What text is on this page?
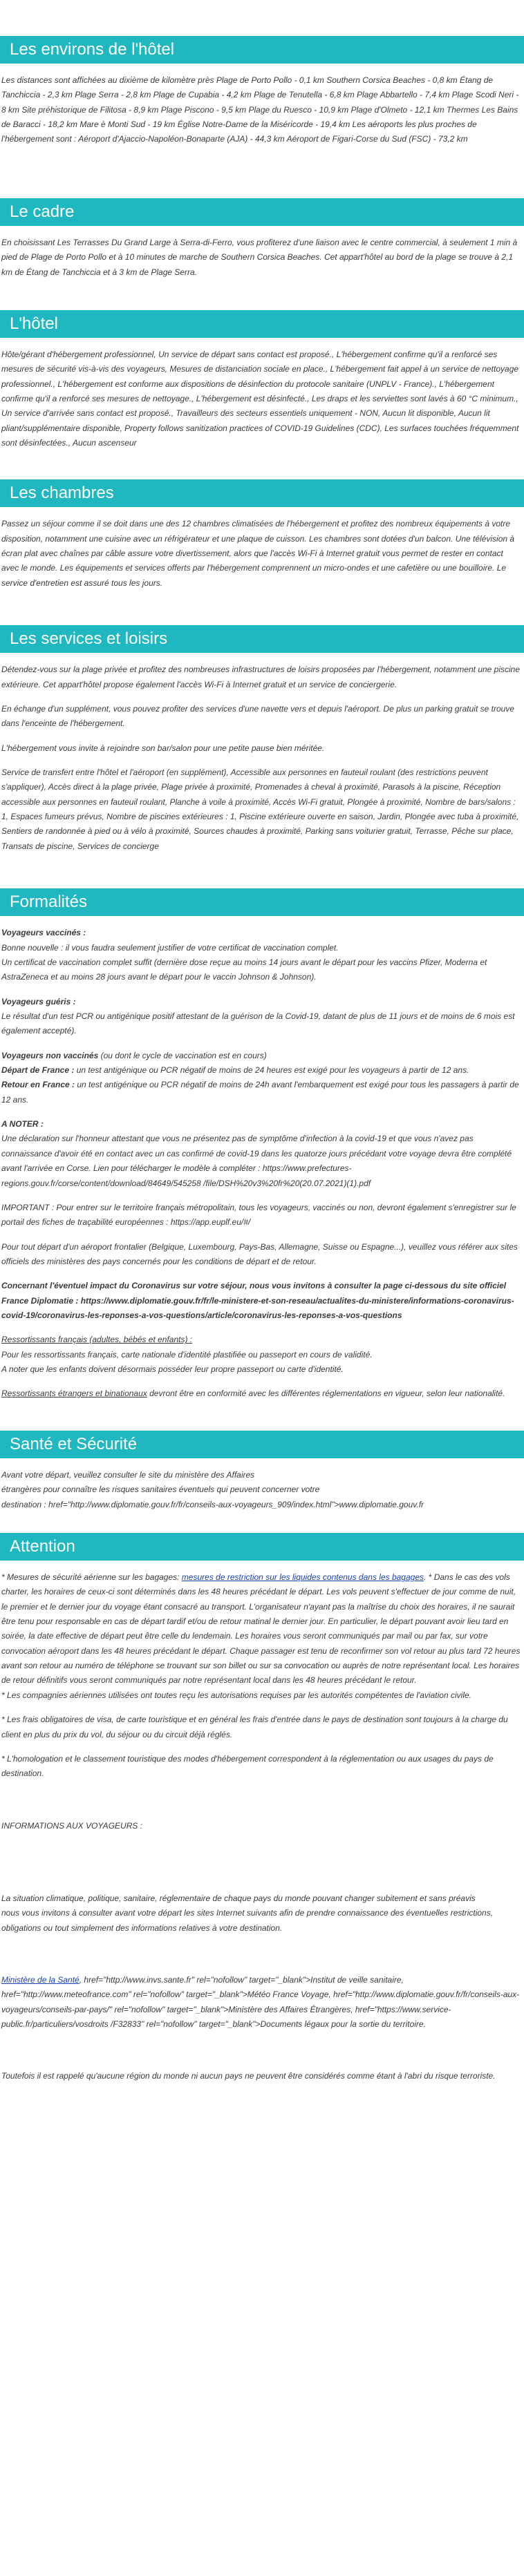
Les environs de l'hôtel

Les distances sont affichées au dixième de kilomètre près Plage de Porto Pollo - 0,1 km Southern Corsica Beaches - 0,8 km Étang de Tanchiccia - 2,3 km Plage Serra - 2,8 km Plage de Cupabia - 4,2 km Plage de Tenutella - 6,8 km Plage Abbartello - 7,4 km Plage Scodi Neri - 8 km Site préhistorique de Filitosa - 8,9 km Plage Piscono - 9,5 km Plage du Ruesco - 10,9 km Plage d'Olmeto - 12,1 km Thermes Les Bains de Baracci - 18,2 km Mare è Monti Sud - 19 km Église Notre-Dame de la Miséricorde - 19,4 km Les aéroports les plus proches de l'hébergement sont : Aéroport d'Ajaccio-Napoléon-Bonaparte (AJA) - 44,3 km Aéroport de Figari-Corse du Sud (FSC) - 73,2 km

Le cadre

En choisissant Les Terrasses Du Grand Large à Serra-di-Ferro, vous profiterez d'une liaison avec le centre commercial, à seulement 1 min à pied de Plage de Porto Pollo et à 10 minutes de marche de Southern Corsica Beaches. Cet appart'hôtel au bord de la plage se trouve à 2,1 km de Étang de Tanchiccia et à 3 km de Plage Serra.

L'hôtel

Hôte/gérant d'hébergement professionnel, Un service de départ sans contact est proposé., L'hébergement confirme qu'il a renforcé ses mesures de sécurité vis-à-vis des voyageurs, Mesures de distanciation sociale en place., L'hébergement fait appel à un service de nettoyage professionnel., L'hébergement est conforme aux dispositions de désinfection du protocole sanitaire (UNPLV - France)., L'hébergement confirme qu'il a renforcé ses mesures de nettoyage., L'hébergement est désinfecté., Les draps et les serviettes sont lavés à 60 °C minimum., Un service d'arrivée sans contact est proposé., Travailleurs des secteurs essentiels uniquement - NON, Aucun lit disponible, Aucun lit pliant/supplémentaire disponible, Property follows sanitization practices of COVID-19 Guidelines (CDC), Les surfaces touchées fréquemment sont désinfectées., Aucun ascenseur

Les chambres

Passez un séjour comme il se doit dans une des 12 chambres climatisées de l'hébergement et profitez des nombreux équipements à votre disposition, notamment une cuisine avec un réfrigérateur et une plaque de cuisson. Les chambres sont dotées d'un balcon. Une télévision à écran plat avec chaînes par câble assure votre divertissement, alors que l'accès Wi-Fi à Internet gratuit vous permet de rester en contact avec le monde. Les équipements et services offerts par l'hébergement comprennent un micro-ondes et une cafetière ou une bouilloire. Le service d'entretien est assuré tous les jours.

Les services et loisirs

Détendez-vous sur la plage privée et profitez des nombreuses infrastructures de loisirs proposées par l'hébergement, notamment une piscine extérieure. Cet appart'hôtel propose également l'accès Wi-Fi à Internet gratuit et un service de conciergerie.

En échange d'un supplément, vous pouvez profiter des services d'une navette vers et depuis l'aéroport. De plus un parking gratuit se trouve dans l'enceinte de l'hébergement.

L'hébergement vous invite à rejoindre son bar/salon pour une petite pause bien méritée.

Service de transfert entre l'hôtel et l'aéroport (en supplément), Accessible aux personnes en fauteuil roulant (des restrictions peuvent s'appliquer), Accès direct à la plage privée, Plage privée à proximité, Promenades à cheval à proximité, Parasols à la piscine, Réception accessible aux personnes en fauteuil roulant, Planche à voile à proximité, Accès Wi-Fi gratuit, Plongée à proximité, Nombre de bars/salons : 1, Espaces fumeurs prévus, Nombre de piscines extérieures : 1, Piscine extérieure ouverte en saison, Jardin, Plongée avec tuba à proximité, Sentiers de randonnée à pied ou à vélo à proximité, Sources chaudes à proximité, Parking sans voiturier gratuit, Terrasse, Pêche sur place, Transats de piscine, Services de concierge

Formalités

Voyageurs vaccinés :
Bonne nouvelle : il vous faudra seulement justifier de votre certificat de vaccination complet.
Un certificat de vaccination complet suffit (dernière dose reçue au moins 14 jours avant le départ pour les vaccins Pfizer, Moderna et AstraZeneca et au moins 28 jours avant le départ pour le vaccin Johnson & Johnson).

Voyageurs guéris :
Le résultat d'un test PCR ou antigénique positif attestant de la guérison de la Covid-19, datant de plus de 11 jours et de moins de 6 mois est également accepté).

Voyageurs non vaccinés (ou dont le cycle de vaccination est en cours)
Départ de France : un test antigénique ou PCR négatif de moins de 24 heures est exigé pour les voyageurs à partir de 12 ans.
Retour en France : un test antigénique ou PCR négatif de moins de 24h avant l'embarquement est exigé pour tous les passagers à partir de 12 ans.

A NOTER :
Une déclaration sur l'honneur attestant que vous ne présentez pas de symptôme d'infection à la covid-19 et que vous n'avez pas connaissance d'avoir été en contact avec un cas confirmé de covid-19 dans les quatorze jours précédant votre voyage devra être complété avant l'arrivée en Corse. Lien pour télécharger le modèle à compléter : https://www.prefectures-regions.gouv.fr/corse/content/download/84649/545258 /file/DSH%20v3%20fr%20(20.07.2021)(1).pdf

IMPORTANT : Pour entrer sur le territoire français métropolitain, tous les voyageurs, vaccinés ou non, devront également s'enregistrer sur le portail des fiches de traçabilité européennes : https://app.euplf.eu/#/

Pour tout départ d'un aéroport frontalier (Belgique, Luxembourg, Pays-Bas, Allemagne, Suisse ou Espagne...), veuillez vous référer aux sites officiels des ministères des pays concernés pour les conditions de départ et de retour.

Concernant l'éventuel impact du Coronavirus sur votre séjour, nous vous invitons à consulter la page ci-dessous du site officiel France Diplomatie : https://www.diplomatie.gouv.fr/fr/le-ministere-et-son-reseau/actualites-du-ministere/informations-coronavirus-covid-19/coronavirus-les-reponses-a-vos-questions/article/coronavirus-les-reponses-a-vos-questions

Ressortissants français (adultes, bébés et enfants) :
Pour les ressortissants français, carte nationale d'identité plastifiée ou passeport en cours de validité.
A noter que les enfants doivent désormais posséder leur propre passeport ou carte d'identité.

Ressortissants étrangers et binationaux devront être en conformité avec les différentes réglementations en vigueur, selon leur nationalité.

Santé et Sécurité

Avant votre départ, veuillez consulter le site du ministère des Affaires
étrangères pour connaître les risques sanitaires éventuels qui peuvent concerner votre
destination : href="http://www.diplomatie.gouv.fr/fr/conseils-aux-voyageurs_909/index.html">www.diplomatie.gouv.fr

Attention

* Mesures de sécurité aérienne sur les bagages: mesures de restriction sur les liquides contenus dans les bagages. * Dans le cas des vols charter, les horaires de ceux-ci sont déterminés dans les 48 heures précédant le départ. Les vols peuvent s'effectuer de jour comme de nuit, le premier et le dernier jour du voyage étant consacré au transport. L'organisateur n'ayant pas la maîtrise du choix des horaires, il ne saurait être tenu pour responsable en cas de départ tardif et/ou de retour matinal le dernier jour. En particulier, le départ pouvant avoir lieu tard en soirée, la date effective de départ peut être celle du lendemain. Les horaires vous seront communiqués par mail ou par fax, sur votre convocation aéroport dans les 48 heures précédant le départ. Chaque passager est tenu de reconfirmer son vol retour au plus tard 72 heures avant son retour au numéro de téléphone se trouvant sur son billet ou sur sa convocation ou auprès de notre représentant local. Les horaires de retour définitifs vous seront communiqués par notre représentant local dans les 48 heures précédant le retour.
* Les compagnies aériennes utilisées ont toutes reçu les autorisations requises par les autorités compétentes de l'aviation civile.

* Les frais obligatoires de visa, de carte touristique et en général les frais d'entrée dans le pays de destination sont toujours à la charge du client en plus du prix du vol, du séjour ou du circuit déjà réglés.

* L'homologation et le classement touristique des modes d'hébergement correspondent à la réglementation ou aux usages du pays de destination.

INFORMATIONS AUX VOYAGEURS :

La situation climatique, politique, sanitaire, réglementaire de chaque pays du monde pouvant changer subitement et sans préavis
nous vous invitons à consulter avant votre départ les sites Internet suivants afin de prendre connaissance des éventuelles restrictions, obligations ou tout simplement des informations relatives à votre destination.

Ministère de la Santé, href="http://www.invs.sante.fr" rel="nofollow" target="_blank">Institut de veille sanitaire, href="http://www.meteofrance.com" rel="nofollow" target="_blank">Météo France Voyage, href="http://www.diplomatie.gouv.fr/fr/conseils-aux-voyageurs/conseils-par-pays/" rel="nofollow" target="_blank">Ministère des Affaires Étrangères, href="https://www.service-public.fr/particuliers/vosdroits /F32833" rel="nofollow" target="_blank">Documents légaux pour la sortie du territoire.

Toutefois il est rappelé qu'aucune région du monde ni aucun pays ne peuvent être considérés comme étant à l'abri du risque terroriste.
